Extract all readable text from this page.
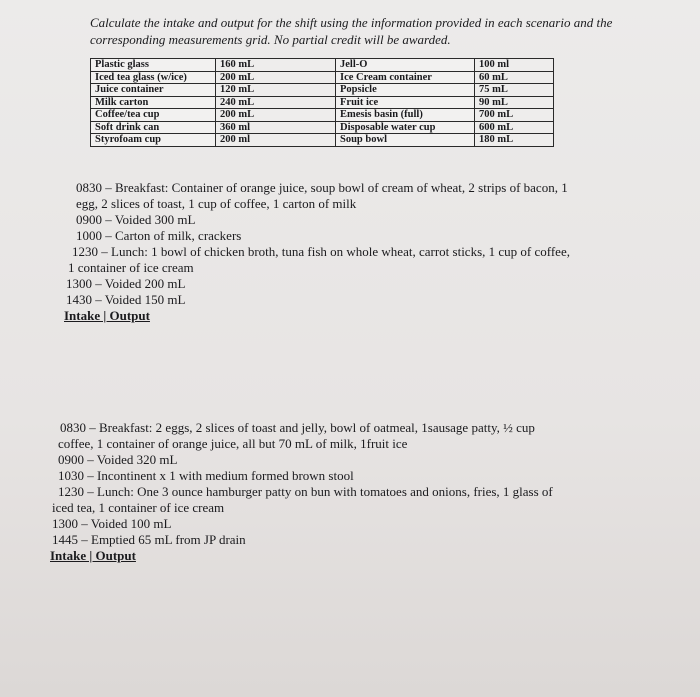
Calculate the intake and output for the shift using the information provided in each scenario and the corresponding measurements grid. No partial credit will be awarded.
Plastic glass	160 mL	Jell-O	100 ml
Iced tea glass (w/ice)	200 mL	Ice Cream container	60 mL
Juice container	120 mL	Popsicle	75 mL
Milk carton	240 mL	Fruit ice	90 mL
Coffee/tea cup	200 mL	Emesis basin (full)	700 mL
Soft drink can	360 ml	Disposable water cup	600 mL
Styrofoam cup	200 ml	Soup bowl	180 mL
0830 – Breakfast: Container of orange juice, soup bowl of cream of wheat, 2 strips of bacon, 1
egg, 2 slices of toast, 1 cup of coffee, 1 carton of milk
0900 – Voided 300 mL
1000 – Carton of milk, crackers
1230 – Lunch: 1 bowl of chicken broth, tuna fish on whole wheat, carrot sticks, 1 cup of coffee,
1 container of ice cream
1300 – Voided 200 mL
1430 – Voided 150 mL
Intake | Output
0830 – Breakfast: 2 eggs, 2 slices of toast and jelly, bowl of oatmeal, 1sausage patty, ½ cup
coffee, 1 container of orange juice, all but 70 mL of milk, 1fruit ice
0900 – Voided 320 mL
1030 – Incontinent x 1 with medium formed brown stool
1230 – Lunch: One 3 ounce hamburger patty on bun with tomatoes and onions, fries, 1 glass of
iced tea, 1 container of ice cream
1300 – Voided 100 mL
1445 – Emptied 65 mL from JP drain
Intake | Output
